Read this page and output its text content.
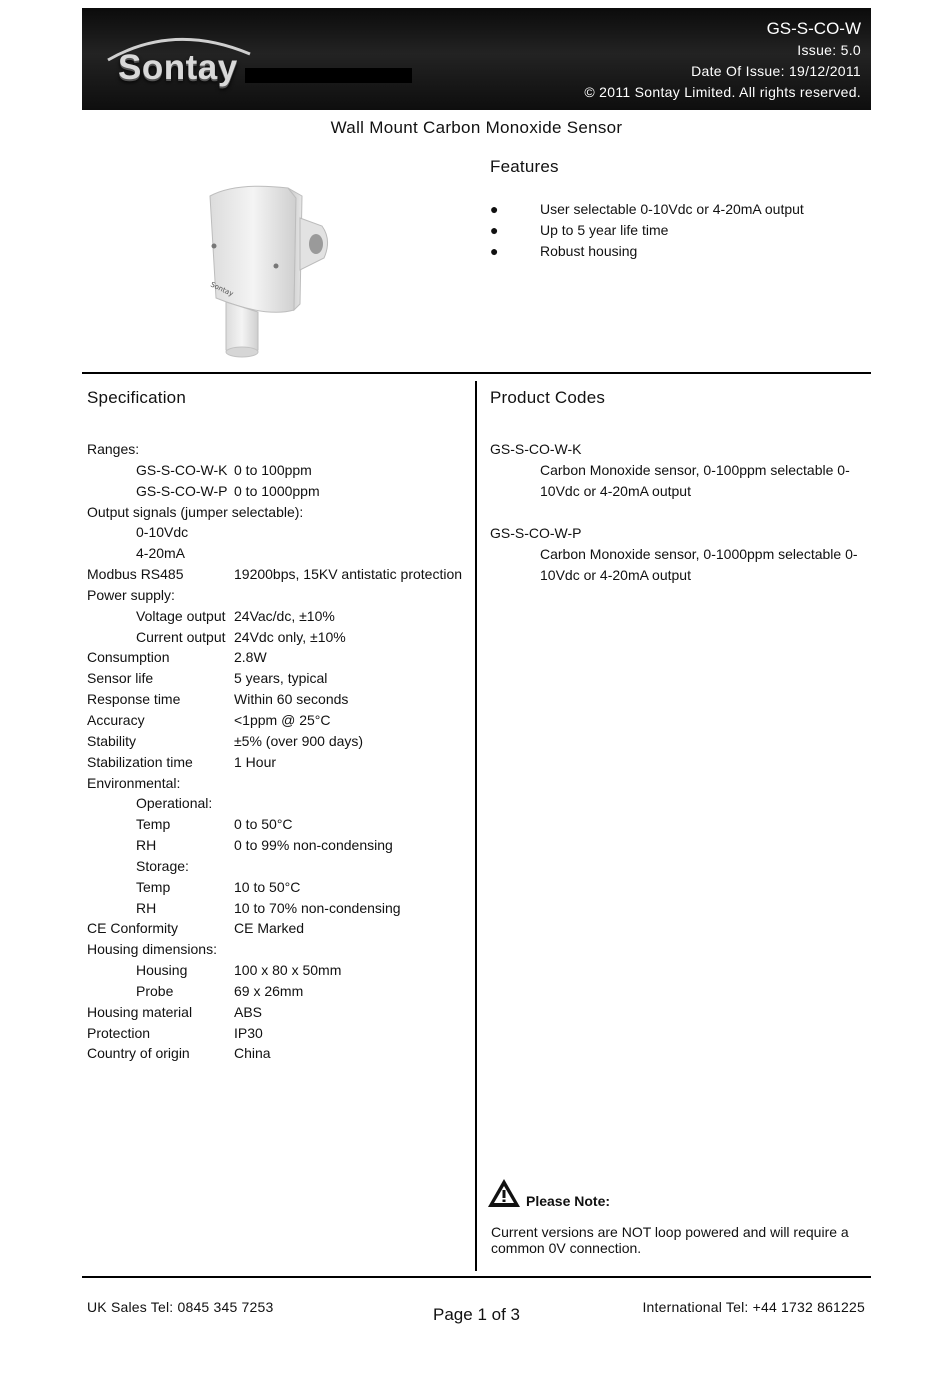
Sontay
GS-S-CO-W
Issue: 5.0
Date Of Issue: 19/12/2011
© 2011 Sontay Limited. All rights reserved.
Wall Mount Carbon Monoxide Sensor
Sontay
Features
●	User selectable 0-10Vdc or 4-20mA output
●	Up to 5 year life time
●	Robust housing
Specification
Ranges:
GS-S-CO-W-K 0 to 100ppm
GS-S-CO-W-P 0 to 1000ppm
Output signals (jumper selectable):
0-10Vdc
4-20mA
Modbus RS485	19200bps, 15KV antistatic protection
Power supply:
Voltage output 24Vac/dc, ±10%
Current output 24Vdc only, ±10%
Consumption	2.8W
Sensor life	5 years, typical
Response time	Within 60 seconds
Accuracy	<1ppm @ 25°C
Stability	±5% (over 900 days)
Stabilization time	1 Hour
Environmental:
Operational:
Temp	0 to 50°C
RH	0 to 99% non-condensing
Storage:
Temp	10 to 50°C
RH	10 to 70% non-condensing
CE Conformity	CE Marked
Housing dimensions:
Housing	100 x 80 x 50mm
Probe	69 x 26mm
Housing material	ABS
Protection	IP30
Country of origin	China
Product Codes
GS-S-CO-W-K
Carbon Monoxide sensor, 0-100ppm selectable 0-
10Vdc or 4-20mA output
GS-S-CO-W-P
Carbon Monoxide sensor, 0-1000ppm selectable 0-
10Vdc or 4-20mA output
Please Note:
Current versions are NOT loop powered and will require a
common 0V connection.
UK Sales Tel: 0845 345 7253	Page 1 of 3	International Tel: +44 1732 861225
